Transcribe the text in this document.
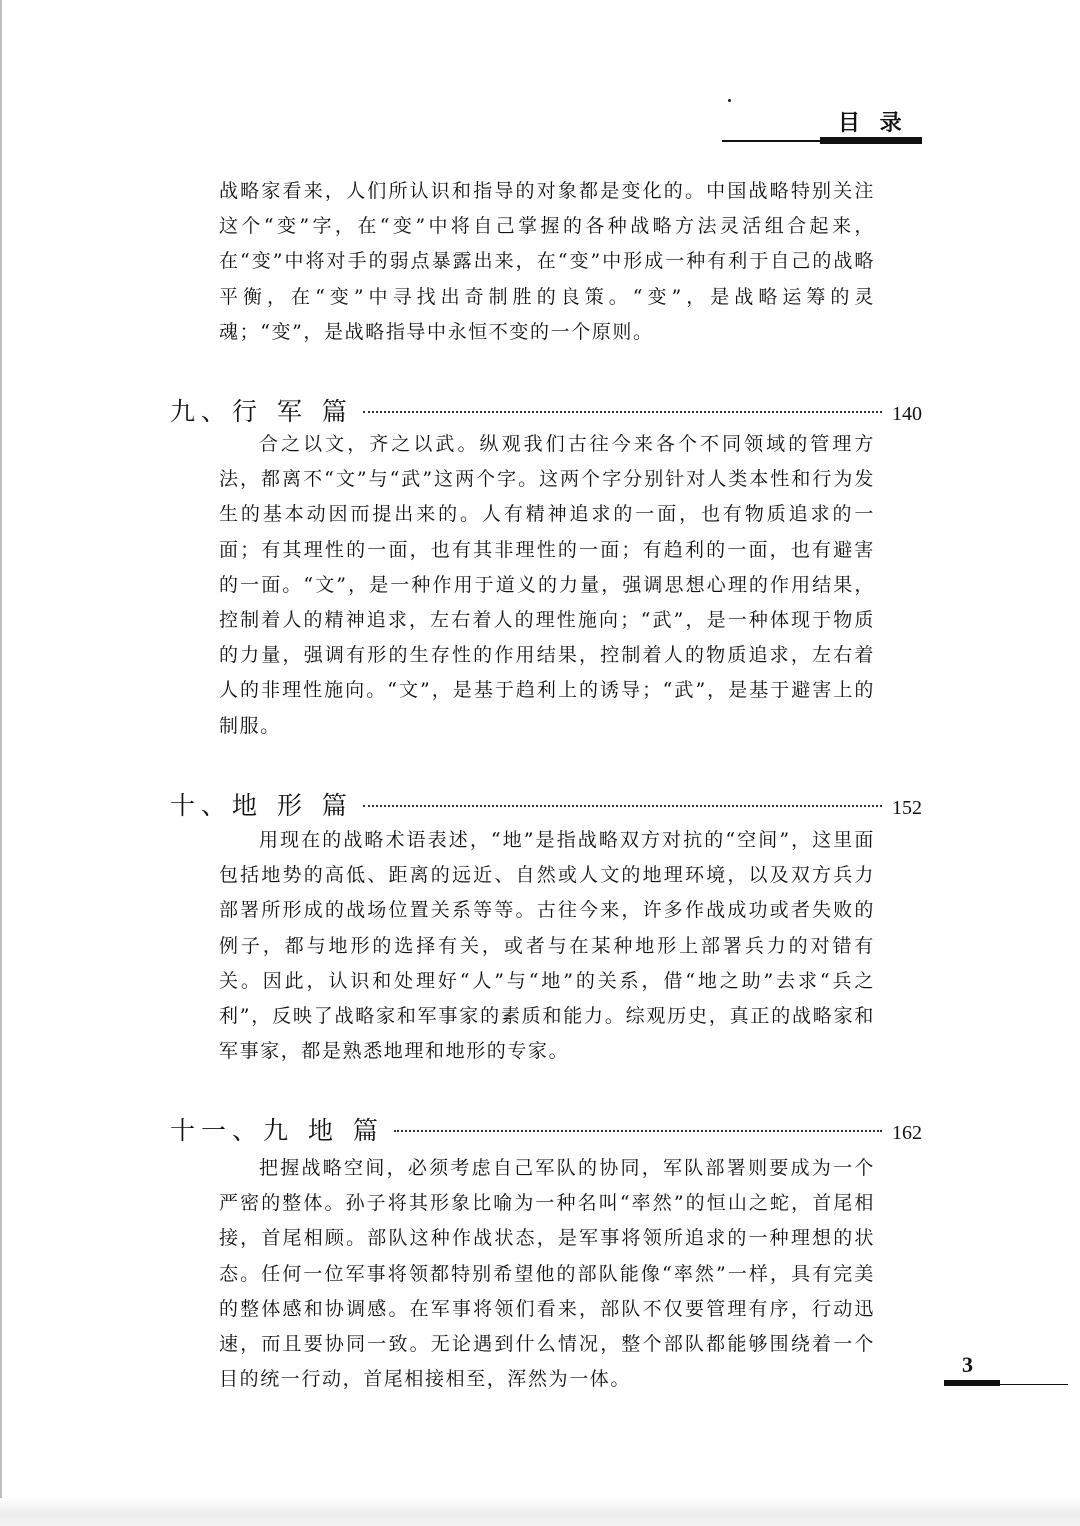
目 录

战略家看来，人们所认识和指导的对象都是变化的。中国战略特别关注这个“变”字，在“变”中将自己掌握的各种战略方法灵活组合起来，在“变”中将对手的弱点暴露出来，在“变”中形成一种有利于自己的战略平衡，在“变”中寻找出奇制胜的良策。“变”，是战略运筹的灵魂；“变”，是战略指导中永恒不变的一个原则。

九、行 军 篇	140

合之以文，齐之以武。纵观我们古往今来各个不同领域的管理方法，都离不“文”与“武”这两个字。这两个字分别针对人类本性和行为发生的基本动因而提出来的。人有精神追求的一面，也有物质追求的一面；有其理性的一面，也有其非理性的一面；有趋利的一面，也有避害的一面。“文”，是一种作用于道义的力量，强调思想心理的作用结果，控制着人的精神追求，左右着人的理性施向；“武”，是一种体现于物质的力量，强调有形的生存性的作用结果，控制着人的物质追求，左右着人的非理性施向。“文”，是基于趋利上的诱导；“武”，是基于避害上的制服。

十、地 形 篇	152

用现在的战略术语表述，“地”是指战略双方对抗的“空间”，这里面包括地势的高低、距离的远近、自然或人文的地理环境，以及双方兵力部署所形成的战场位置关系等等。古往今来，许多作战成功或者失败的例子，都与地形的选择有关，或者与在某种地形上部署兵力的对错有关。因此，认识和处理好“人”与“地”的关系，借“地之助”去求“兵之利”，反映了战略家和军事家的素质和能力。综观历史，真正的战略家和军事家，都是熟悉地理和地形的专家。

十一、九 地 篇	162

把握战略空间，必须考虑自己军队的协同，军队部署则要成为一个严密的整体。孙子将其形象比喻为一种名叫“率然”的恒山之蛇，首尾相接，首尾相顾。部队这种作战状态，是军事将领所追求的一种理想的状态。任何一位军事将领都特别希望他的部队能像“率然”一样，具有完美的整体感和协调感。在军事将领们看来，部队不仅要管理有序，行动迅速，而且要协同一致。无论遇到什么情况，整个部队都能够围绕着一个目的统一行动，首尾相接相至，浑然为一体。

3
